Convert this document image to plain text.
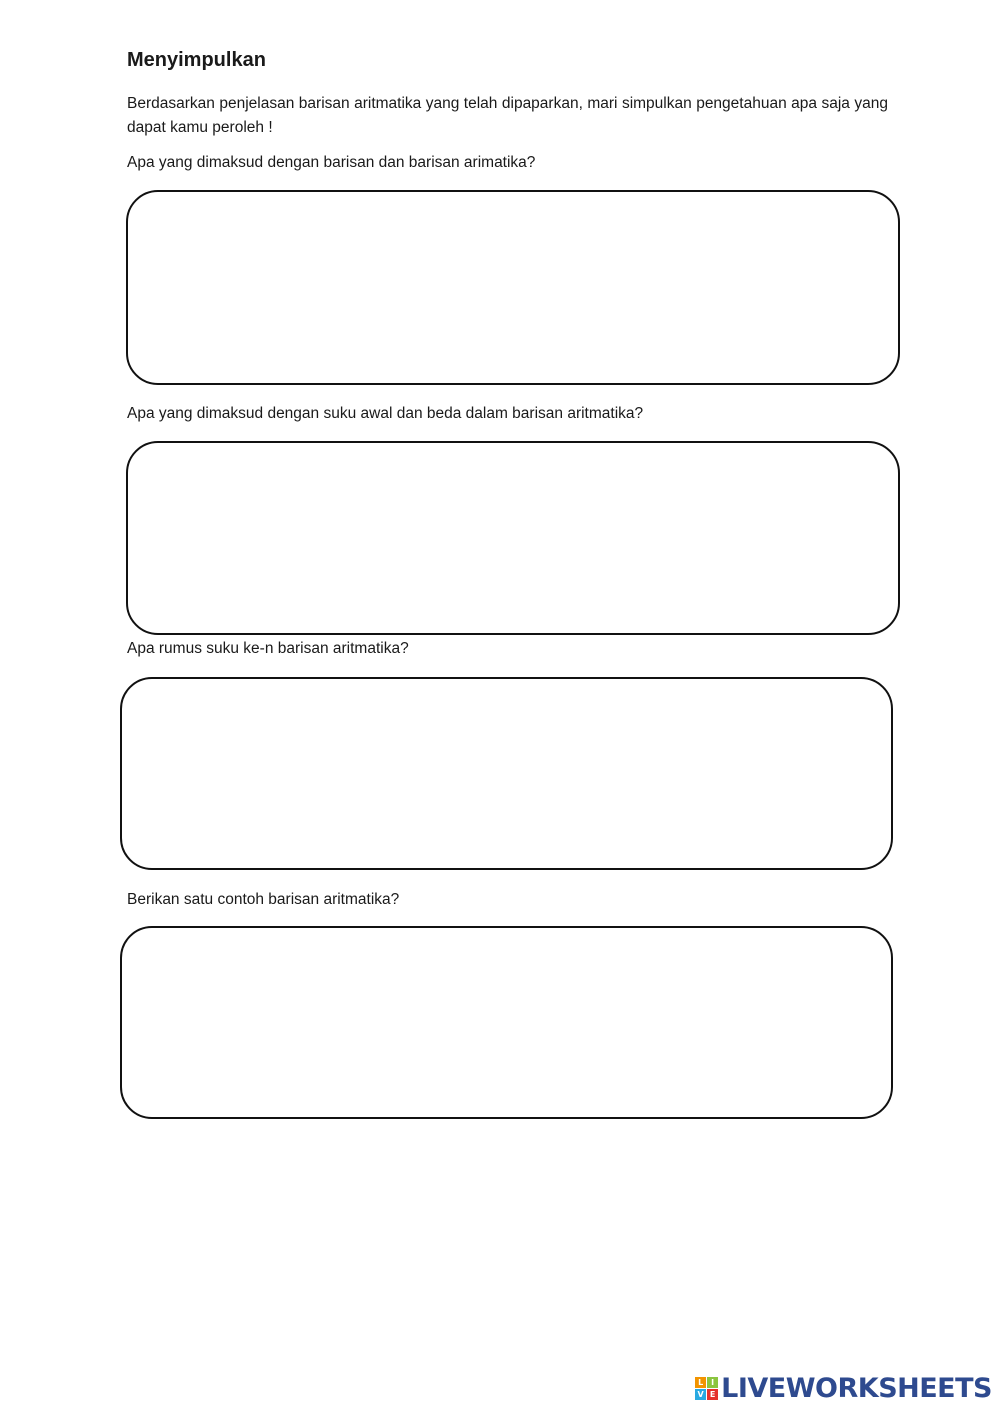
Menyimpulkan

Berdasarkan penjelasan barisan aritmatika yang telah dipaparkan, mari simpulkan pengetahuan apa saja yang dapat kamu peroleh !

Apa yang dimaksud dengan barisan dan barisan arimatika?

Apa yang dimaksud dengan suku awal dan beda dalam barisan aritmatika?

Apa rumus suku ke-n barisan aritmatika?

Berikan satu contoh barisan aritmatika?

L I
V E LIVEWORKSHEETS
